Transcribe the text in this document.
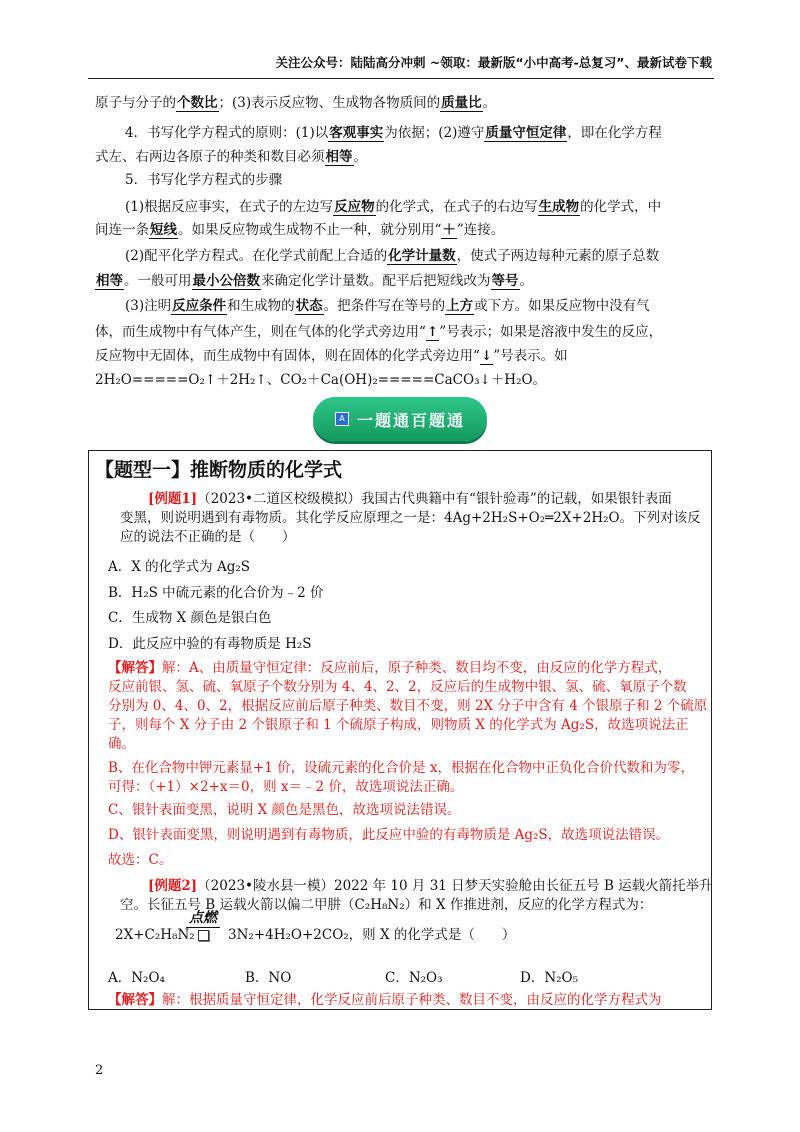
关注公众号：陆陆高分冲刺 ~领取：最新版“小中高考-总复习”、最新试卷下载
原子与分子的个数比；(3)表示反应物、生成物各物质间的质量比。
4．书写化学方程式的原则：(1)以客观事实为依据；(2)遵守质量守恒定律，即在化学方程
式左、右两边各原子的种类和数目必须相等。
5．书写化学方程式的步骤
(1)根据反应事实，在式子的左边写反应物的化学式，在式子的右边写生成物的化学式，中
间连一条短线。如果反应物或生成物不止一种，就分别用“＋”连接。
(2)配平化学方程式。在化学式前配上合适的化学计量数，使式子两边每种元素的原子总数
相等。一般可用最小公倍数来确定化学计量数。配平后把短线改为等号。
(3)注明反应条件和生成物的状态。把条件写在等号的上方或下方。如果反应物中没有气
体，而生成物中有气体产生，则在气体的化学式旁边用“↑”号表示；如果是溶液中发生的反应，
反应物中无固体，而生成物中有固体，则在固体的化学式旁边用“↓”号表示。如
2H₂O=====O₂↑＋2H₂↑、CO₂＋Ca(OH)₂=====CaCO₃↓＋H₂O。
A 一题通百题通
【题型一】推断物质的化学式
[例题1]（2023•二道区校级模拟）我国古代典籍中有“银针验毒”的记载，如果银针表面
变黑，则说明遇到有毒物质。其化学反应原理之一是：4Ag+2H₂S+O₂═2X+2H₂O。下列对该反
应的说法不正确的是（　　）
A．X 的化学式为 Ag₂S
B．H₂S 中硫元素的化合价为﹣2 价
C．生成物 X 颜色是银白色
D．此反应中验的有毒物质是 H₂S
【解答】解：A、由质量守恒定律：反应前后，原子种类、数目均不变，由反应的化学方程式，
反应前银、氢、硫、氧原子个数分别为 4、4、2、2，反应后的生成物中银、氢、硫、氧原子个数
分别为 0、4、0、2，根据反应前后原子种类、数目不变，则 2X 分子中含有 4 个银原子和 2 个硫原
子，则每个 X 分子由 2 个银原子和 1 个硫原子构成，则物质 X 的化学式为 Ag₂S，故选项说法正
确。
B、在化合物中钾元素显+1 价，设硫元素的化合价是 x，根据在化合物中正负化合价代数和为零，
可得：（+1）×2+x＝0，则 x＝﹣2 价，故选项说法正确。
C、银针表面变黑，说明 X 颜色是黑色，故选项说法错误。
D、银针表面变黑，则说明遇到有毒物质，此反应中验的有毒物质是 Ag₂S，故选项说法错误。
故选：C。
[例题2]（2023•陵水县一模）2022 年 10 月 31 日梦天实验舱由长征五号 B 运载火箭托举升
空。长征五号 B 运载火箭以偏二甲肼（C₂H₈N₂）和 X 作推进剂，反应的化学方程式为：
2X+C₂H₈N₂
点燃
3N₂+4H₂O+2CO₂，则 X 的化学式是（　　）
A．N₂O₄	B．NO	C．N₂O₃	D．N₂O₅
【解答】解：根据质量守恒定律，化学反应前后原子种类、数目不变，由反应的化学方程式为
2
